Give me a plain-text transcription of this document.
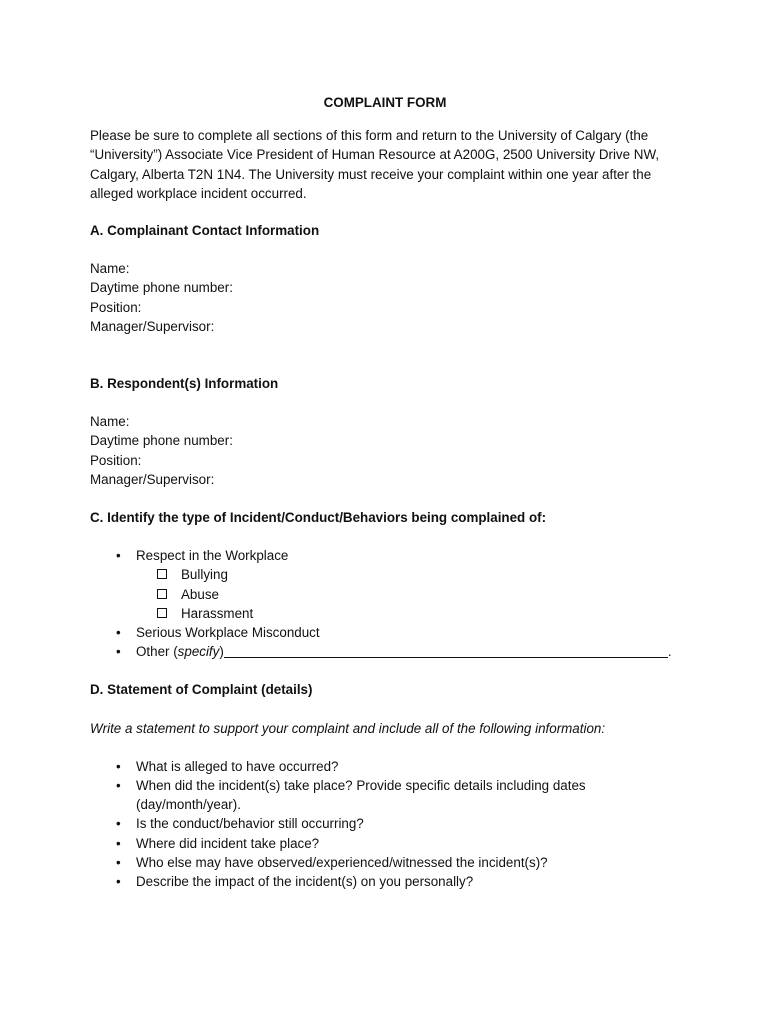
COMPLAINT FORM

Please be sure to complete all sections of this form and return to the University of Calgary (the “University”) Associate Vice President of Human Resource at A200G, 2500 University Drive NW, Calgary, Alberta T2N 1N4. The University must receive your complaint within one year after the alleged workplace incident occurred.

A. Complainant Contact Information
Name:
Daytime phone number:
Position:
Manager/Supervisor:
B. Respondent(s) Information
Name:
Daytime phone number:
Position:
Manager/Supervisor:
C. Identify the type of Incident/Conduct/Behaviors being complained of:
• Respect in the Workplace
Bullying
Abuse
Harassment
• Serious Workplace Misconduct
• Other (specify)	.
D. Statement of Complaint (details)
Write a statement to support your complaint and include all of the following information:
• What is alleged to have occurred?
• When did the incident(s) take place? Provide specific details including dates (day/month/year).
• Is the conduct/behavior still occurring?
• Where did incident take place?
• Who else may have observed/experienced/witnessed the incident(s)?
• Describe the impact of the incident(s) on you personally?
